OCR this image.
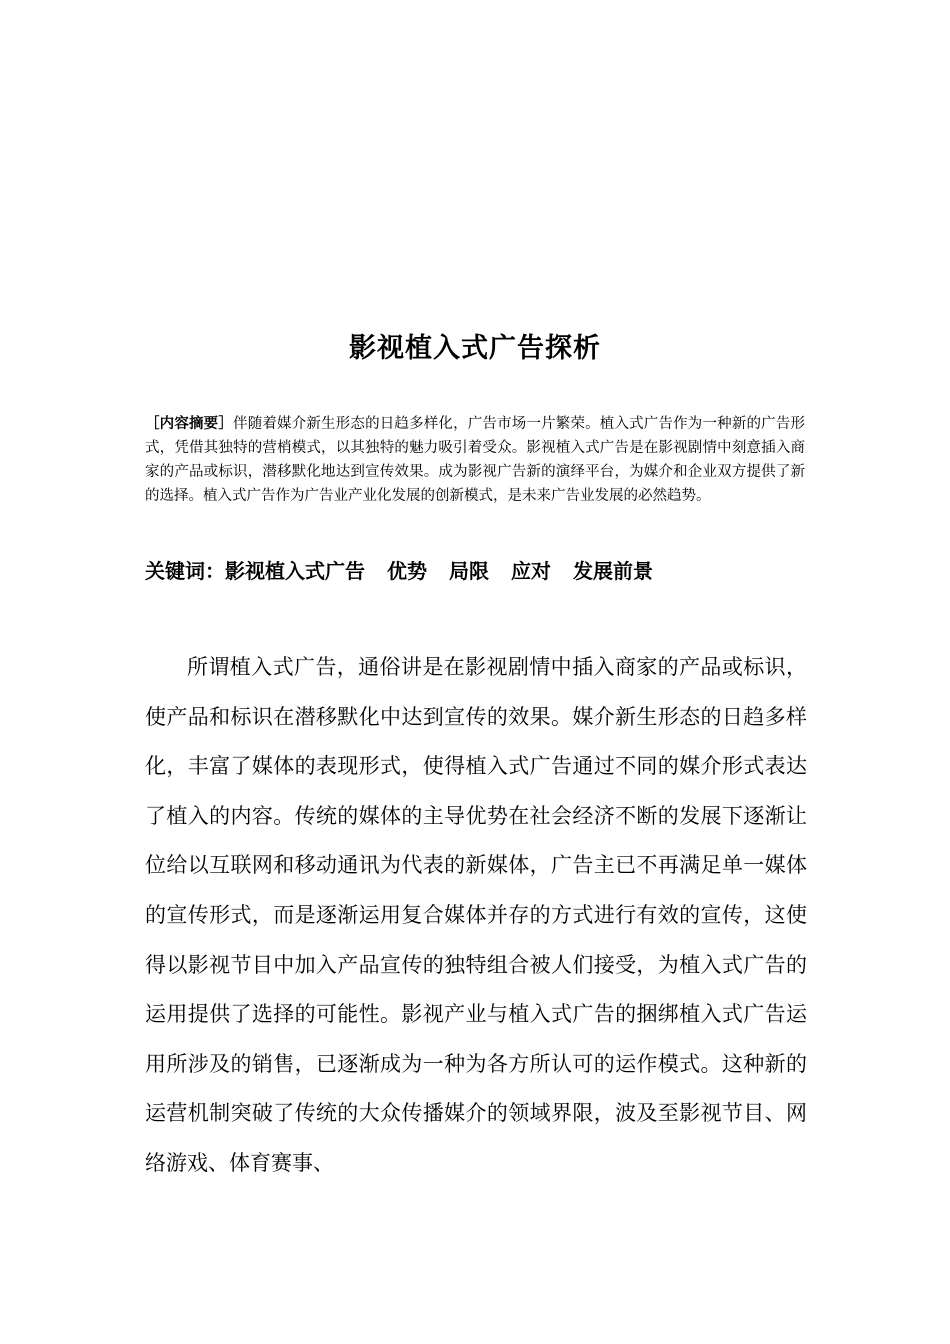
影视植入式广告探析
［内容摘要］伴随着媒介新生形态的日趋多样化，广告市场一片繁荣。植入式广告作为一种新的广告形式，凭借其独特的营梢模式，以其独特的魅力吸引着受众。影视植入式广告是在影视剧情中刻意插入商家的产品或标识，潜移默化地达到宣传效果。成为影视广告新的演绎平台，为媒介和企业双方提供了新的选择。植入式广告作为广告业产业化发展的创新模式，是未来广告业发展的必然趋势。
关键词：影视植入式广告 优势 局限 应对 发展前景

所谓植入式广告，通俗讲是在影视剧情中插入商家的产品或标识，使产品和标识在潜移默化中达到宣传的效果。媒介新生形态的日趋多样化，丰富了媒体的表现形式，使得植入式广告通过不同的媒介形式表达了植入的内容。传统的媒体的主导优势在社会经济不断的发展下逐渐让位给以互联网和移动通讯为代表的新媒体，广告主已不再满足单一媒体的宣传形式，而是逐渐运用复合媒体并存的方式进行有效的宣传，这使得以影视节目中加入产品宣传的独特组合被人们接受，为植入式广告的运用提供了选择的可能性。影视产业与植入式广告的捆绑植入式广告运用所涉及的销售，已逐渐成为一种为各方所认可的运作模式。这种新的运营机制突破了传统的大众传播媒介的领域界限，波及至影视节目、网络游戏、体育赛事、
